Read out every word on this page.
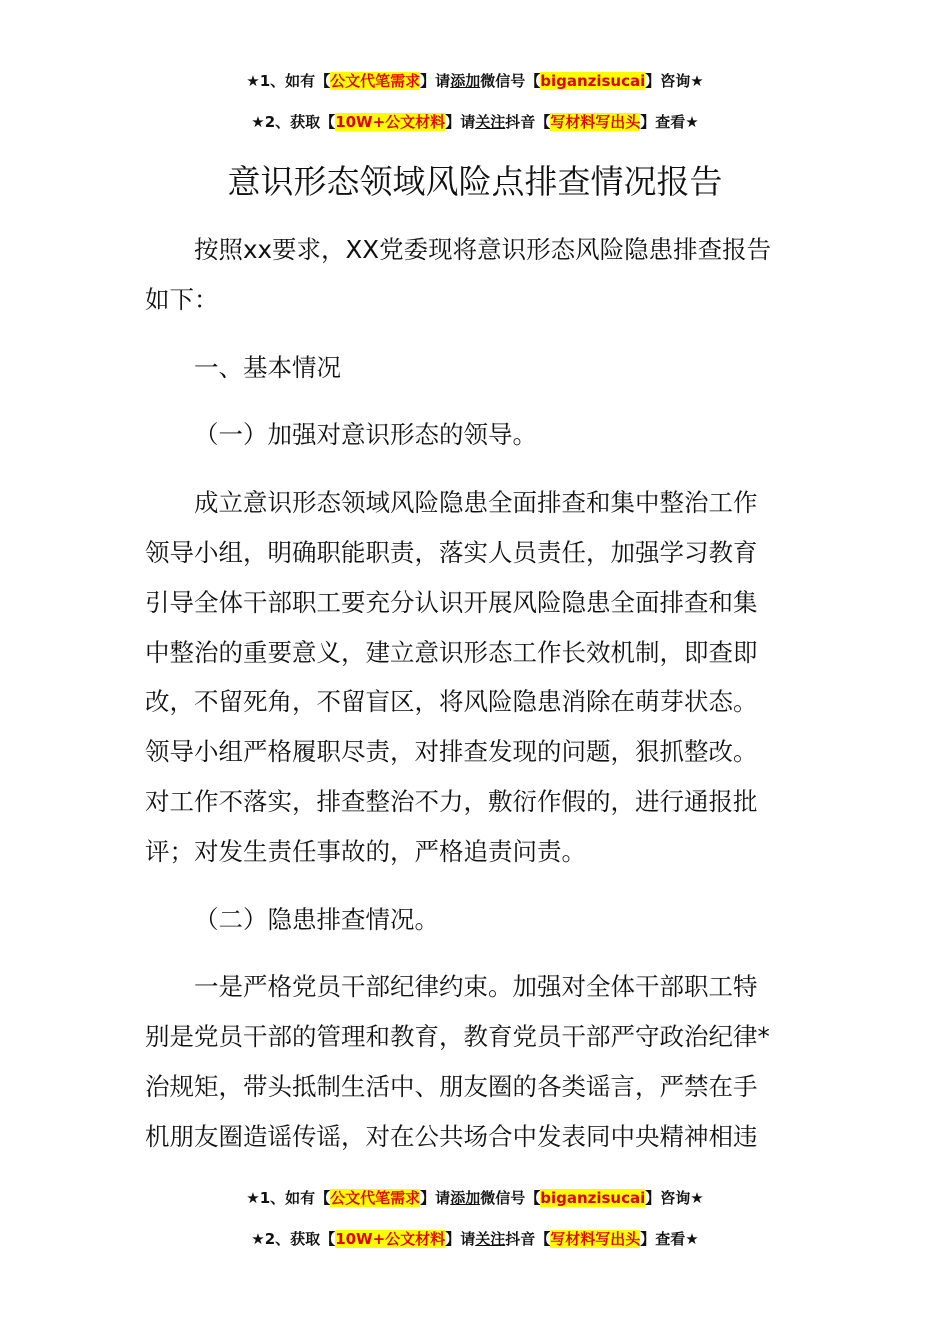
★1、如有【公文代笔需求】请添加微信号【biganzisucai】咨询★
★2、获取【10W+公文材料】请关注抖音【写材料写出头】查看★
意识形态领域风险点排查情况报告

按照xx要求，XX党委现将意识形态风险隐患排查报告
如下：

一、基本情况

（一）加强对意识形态的领导。

成立意识形态领域风险隐患全面排查和集中整治工作
领导小组，明确职能职责，落实人员责任，加强学习教育
引导全体干部职工要充分认识开展风险隐患全面排查和集
中整治的重要意义，建立意识形态工作长效机制，即查即
改，不留死角，不留盲区，将风险隐患消除在萌芽状态。
领导小组严格履职尽责，对排查发现的问题，狠抓整改。
对工作不落实，排查整治不力，敷衍作假的，进行通报批
评；对发生责任事故的，严格追责问责。

（二）隐患排查情况。

一是严格党员干部纪律约束。加强对全体干部职工特
别是党员干部的管理和教育，教育党员干部严守政治纪律*
治规矩，带头抵制生活中、朋友圈的各类谣言，严禁在手
机朋友圈造谣传谣，对在公共场合中发表同中央精神相违

★1、如有【公文代笔需求】请添加微信号【biganzisucai】咨询★
★2、获取【10W+公文材料】请关注抖音【写材料写出头】查看★
